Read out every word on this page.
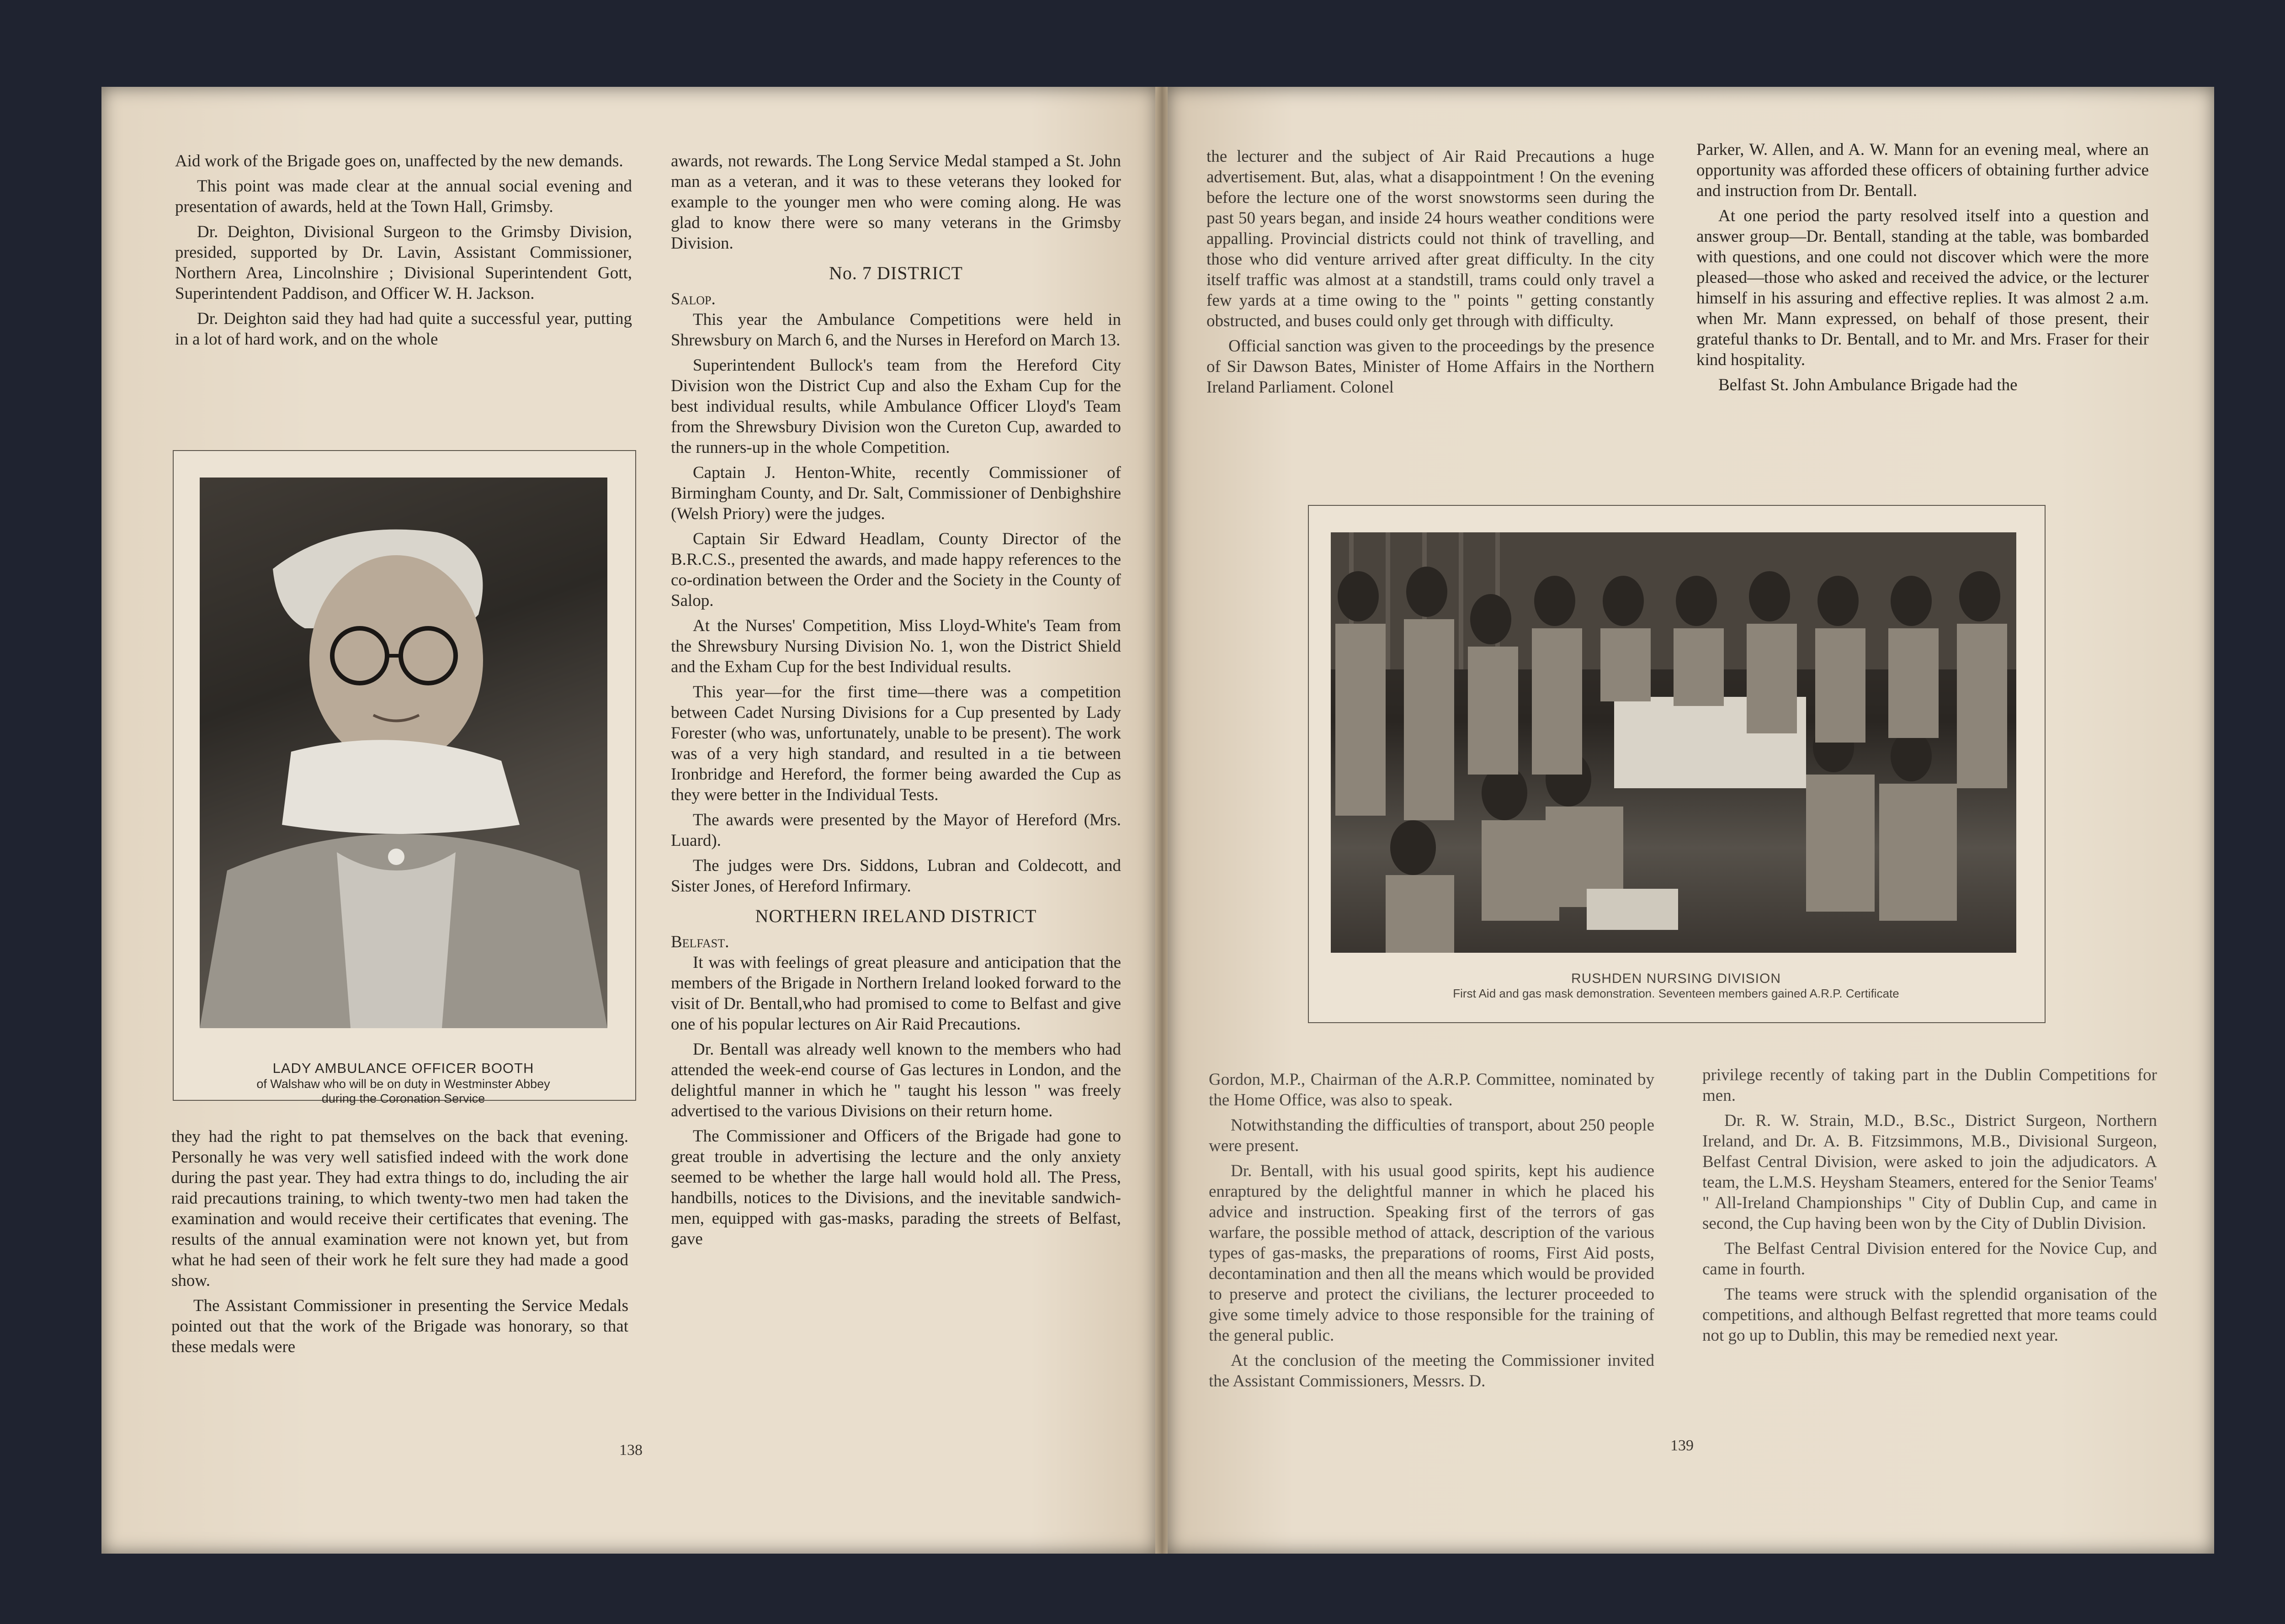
Aid work of the Brigade goes on, unaffected by the new demands.

This point was made clear at the annual social evening and presentation of awards, held at the Town Hall, Grimsby.

Dr. Deighton, Divisional Surgeon to the Grimsby Division, presided, supported by Dr. Lavin, Assistant Commissioner, Northern Area, Lincolnshire ; Divisional Superintendent Gott, Superintendent Paddison, and Officer W. H. Jackson.

Dr. Deighton said they had had quite a successful year, putting in a lot of hard work, and on the whole

LADY AMBULANCE OFFICER BOOTH
of Walshaw who will be on duty in Westminster Abbey during the Coronation Service

they had the right to pat themselves on the back that evening. Personally he was very well satisfied indeed with the work done during the past year. They had extra things to do, including the air raid precautions training, to which twenty-two men had taken the examination and would receive their certificates that evening. The results of the annual examination were not known yet, but from what he had seen of their work he felt sure they had made a good show.

The Assistant Commissioner in presenting the Service Medals pointed out that the work of the Brigade was honorary, so that these medals were

awards, not rewards. The Long Service Medal stamped a St. John man as a veteran, and it was to these veterans they looked for example to the younger men who were coming along. He was glad to know there were so many veterans in the Grimsby Division.

No. 7 DISTRICT
Salop.

This year the Ambulance Competitions were held in Shrewsbury on March 6, and the Nurses in Hereford on March 13.

Superintendent Bullock's team from the Hereford City Division won the District Cup and also the Exham Cup for the best individual results, while Ambulance Officer Lloyd's Team from the Shrewsbury Division won the Cureton Cup, awarded to the runners-up in the whole Competition.

Captain J. Henton-White, recently Commissioner of Birmingham County, and Dr. Salt, Commissioner of Denbighshire (Welsh Priory) were the judges.

Captain Sir Edward Headlam, County Director of the B.R.C.S., presented the awards, and made happy references to the co-ordination between the Order and the Society in the County of Salop.

At the Nurses' Competition, Miss Lloyd-White's Team from the Shrewsbury Nursing Division No. 1, won the District Shield and the Exham Cup for the best Individual results.

This year—for the first time—there was a competition between Cadet Nursing Divisions for a Cup presented by Lady Forester (who was, unfortunately, unable to be present). The work was of a very high standard, and resulted in a tie between Ironbridge and Hereford, the former being awarded the Cup as they were better in the Individual Tests.

The awards were presented by the Mayor of Hereford (Mrs. Luard).

The judges were Drs. Siddons, Lubran and Coldecott, and Sister Jones, of Hereford Infirmary.

NORTHERN IRELAND DISTRICT
Belfast.

It was with feelings of great pleasure and anticipation that the members of the Brigade in Northern Ireland looked forward to the visit of Dr. Bentall,who had promised to come to Belfast and give one of his popular lectures on Air Raid Precautions.

Dr. Bentall was already well known to the members who had attended the week-end course of Gas lectures in London, and the delightful manner in which he " taught his lesson " was freely advertised to the various Divisions on their return home.

The Commissioner and Officers of the Brigade had gone to great trouble in advertising the lecture and the only anxiety seemed to be whether the large hall would hold all. The Press, handbills, notices to the Divisions, and the inevitable sandwich-men, equipped with gas-masks, parading the streets of Belfast, gave

138

the lecturer and the subject of Air Raid Precautions a huge advertisement. But, alas, what a disappointment ! On the evening before the lecture one of the worst snowstorms seen during the past 50 years began, and inside 24 hours weather conditions were appalling. Provincial districts could not think of travelling, and those who did venture arrived after great difficulty. In the city itself traffic was almost at a standstill, trams could only travel a few yards at a time owing to the " points " getting constantly obstructed, and buses could only get through with difficulty.

Official sanction was given to the proceedings by the presence of Sir Dawson Bates, Minister of Home Affairs in the Northern Ireland Parliament. Colonel

Parker, W. Allen, and A. W. Mann for an evening meal, where an opportunity was afforded these officers of obtaining further advice and instruction from Dr. Bentall.

At one period the party resolved itself into a question and answer group—Dr. Bentall, standing at the table, was bombarded with questions, and one could not discover which were the more pleased—those who asked and received the advice, or the lecturer himself in his assuring and effective replies. It was almost 2 a.m. when Mr. Mann expressed, on behalf of those present, their grateful thanks to Dr. Bentall, and to Mr. and Mrs. Fraser for their kind hospitality.

Belfast St. John Ambulance Brigade had the

RUSHDEN NURSING DIVISION
First Aid and gas mask demonstration. Seventeen members gained A.R.P. Certificate

Gordon, M.P., Chairman of the A.R.P. Committee, nominated by the Home Office, was also to speak.

Notwithstanding the difficulties of transport, about 250 people were present.

Dr. Bentall, with his usual good spirits, kept his audience enraptured by the delightful manner in which he placed his advice and instruction. Speaking first of the terrors of gas warfare, the possible method of attack, description of the various types of gas-masks, the preparations of rooms, First Aid posts, decontamination and then all the means which would be provided to preserve and protect the civilians, the lecturer proceeded to give some timely advice to those responsible for the training of the general public.

At the conclusion of the meeting the Commissioner invited the Assistant Commissioners, Messrs. D.

privilege recently of taking part in the Dublin Competitions for men.

Dr. R. W. Strain, M.D., B.Sc., District Surgeon, Northern Ireland, and Dr. A. B. Fitzsimmons, M.B., Divisional Surgeon, Belfast Central Division, were asked to join the adjudicators. A team, the L.M.S. Heysham Steamers, entered for the Senior Teams' " All-Ireland Championships " City of Dublin Cup, and came in second, the Cup having been won by the City of Dublin Division.

The Belfast Central Division entered for the Novice Cup, and came in fourth.

The teams were struck with the splendid organisation of the competitions, and although Belfast regretted that more teams could not go up to Dublin, this may be remedied next year.

139
